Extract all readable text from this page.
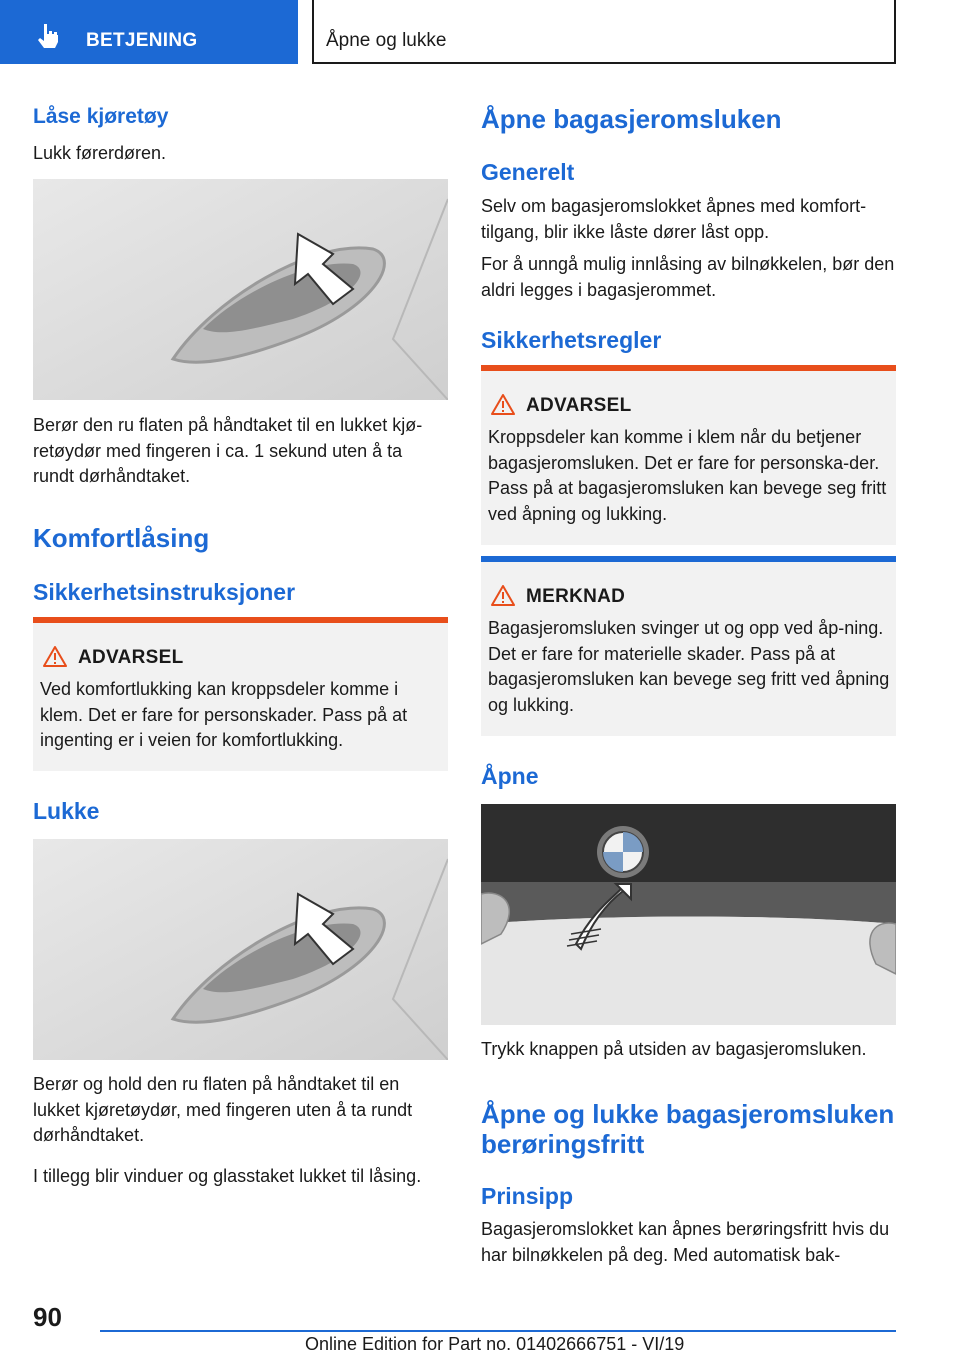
BETJENING	Åpne og lukke
Låse kjøretøy
Lukk førerdøren.
Berør den ru flaten på håndtaket til en lukket kjø-retøydør med fingeren i ca. 1 sekund uten å ta rundt dørhåndtaket.
Komfortlåsing
Sikkerhetsinstruksjoner
ADVARSEL
Ved komfortlukking kan kroppsdeler komme i klem. Det er fare for personskader. Pass på at ingenting er i veien for komfortlukking.
Lukke
Berør og hold den ru flaten på håndtaket til en lukket kjøretøydør, med fingeren uten å ta rundt dørhåndtaket.
I tillegg blir vinduer og glasstaket lukket til låsing.
Åpne bagasjeromsluken
Generelt
Selv om bagasjeromslokket åpnes med komfort-tilgang, blir ikke låste dører låst opp.
For å unngå mulig innlåsing av bilnøkkelen, bør den aldri legges i bagasjerommet.
Sikkerhetsregler
ADVARSEL
Kroppsdeler kan komme i klem når du betjener bagasjeromsluken. Det er fare for personska-der. Pass på at bagasjeromsluken kan bevege seg fritt ved åpning og lukking.
MERKNAD
Bagasjeromsluken svinger ut og opp ved åp-ning. Det er fare for materielle skader. Pass på at bagasjeromsluken kan bevege seg fritt ved åpning og lukking.
Åpne
Trykk knappen på utsiden av bagasjeromsluken.
Åpne og lukke bagasjeromsluken
berøringsfritt
Prinsipp
Bagasjeromslokket kan åpnes berøringsfritt hvis du har bilnøkkelen på deg. Med automatisk bak-
90
Online Edition for Part no. 01402666751 - VI/19
